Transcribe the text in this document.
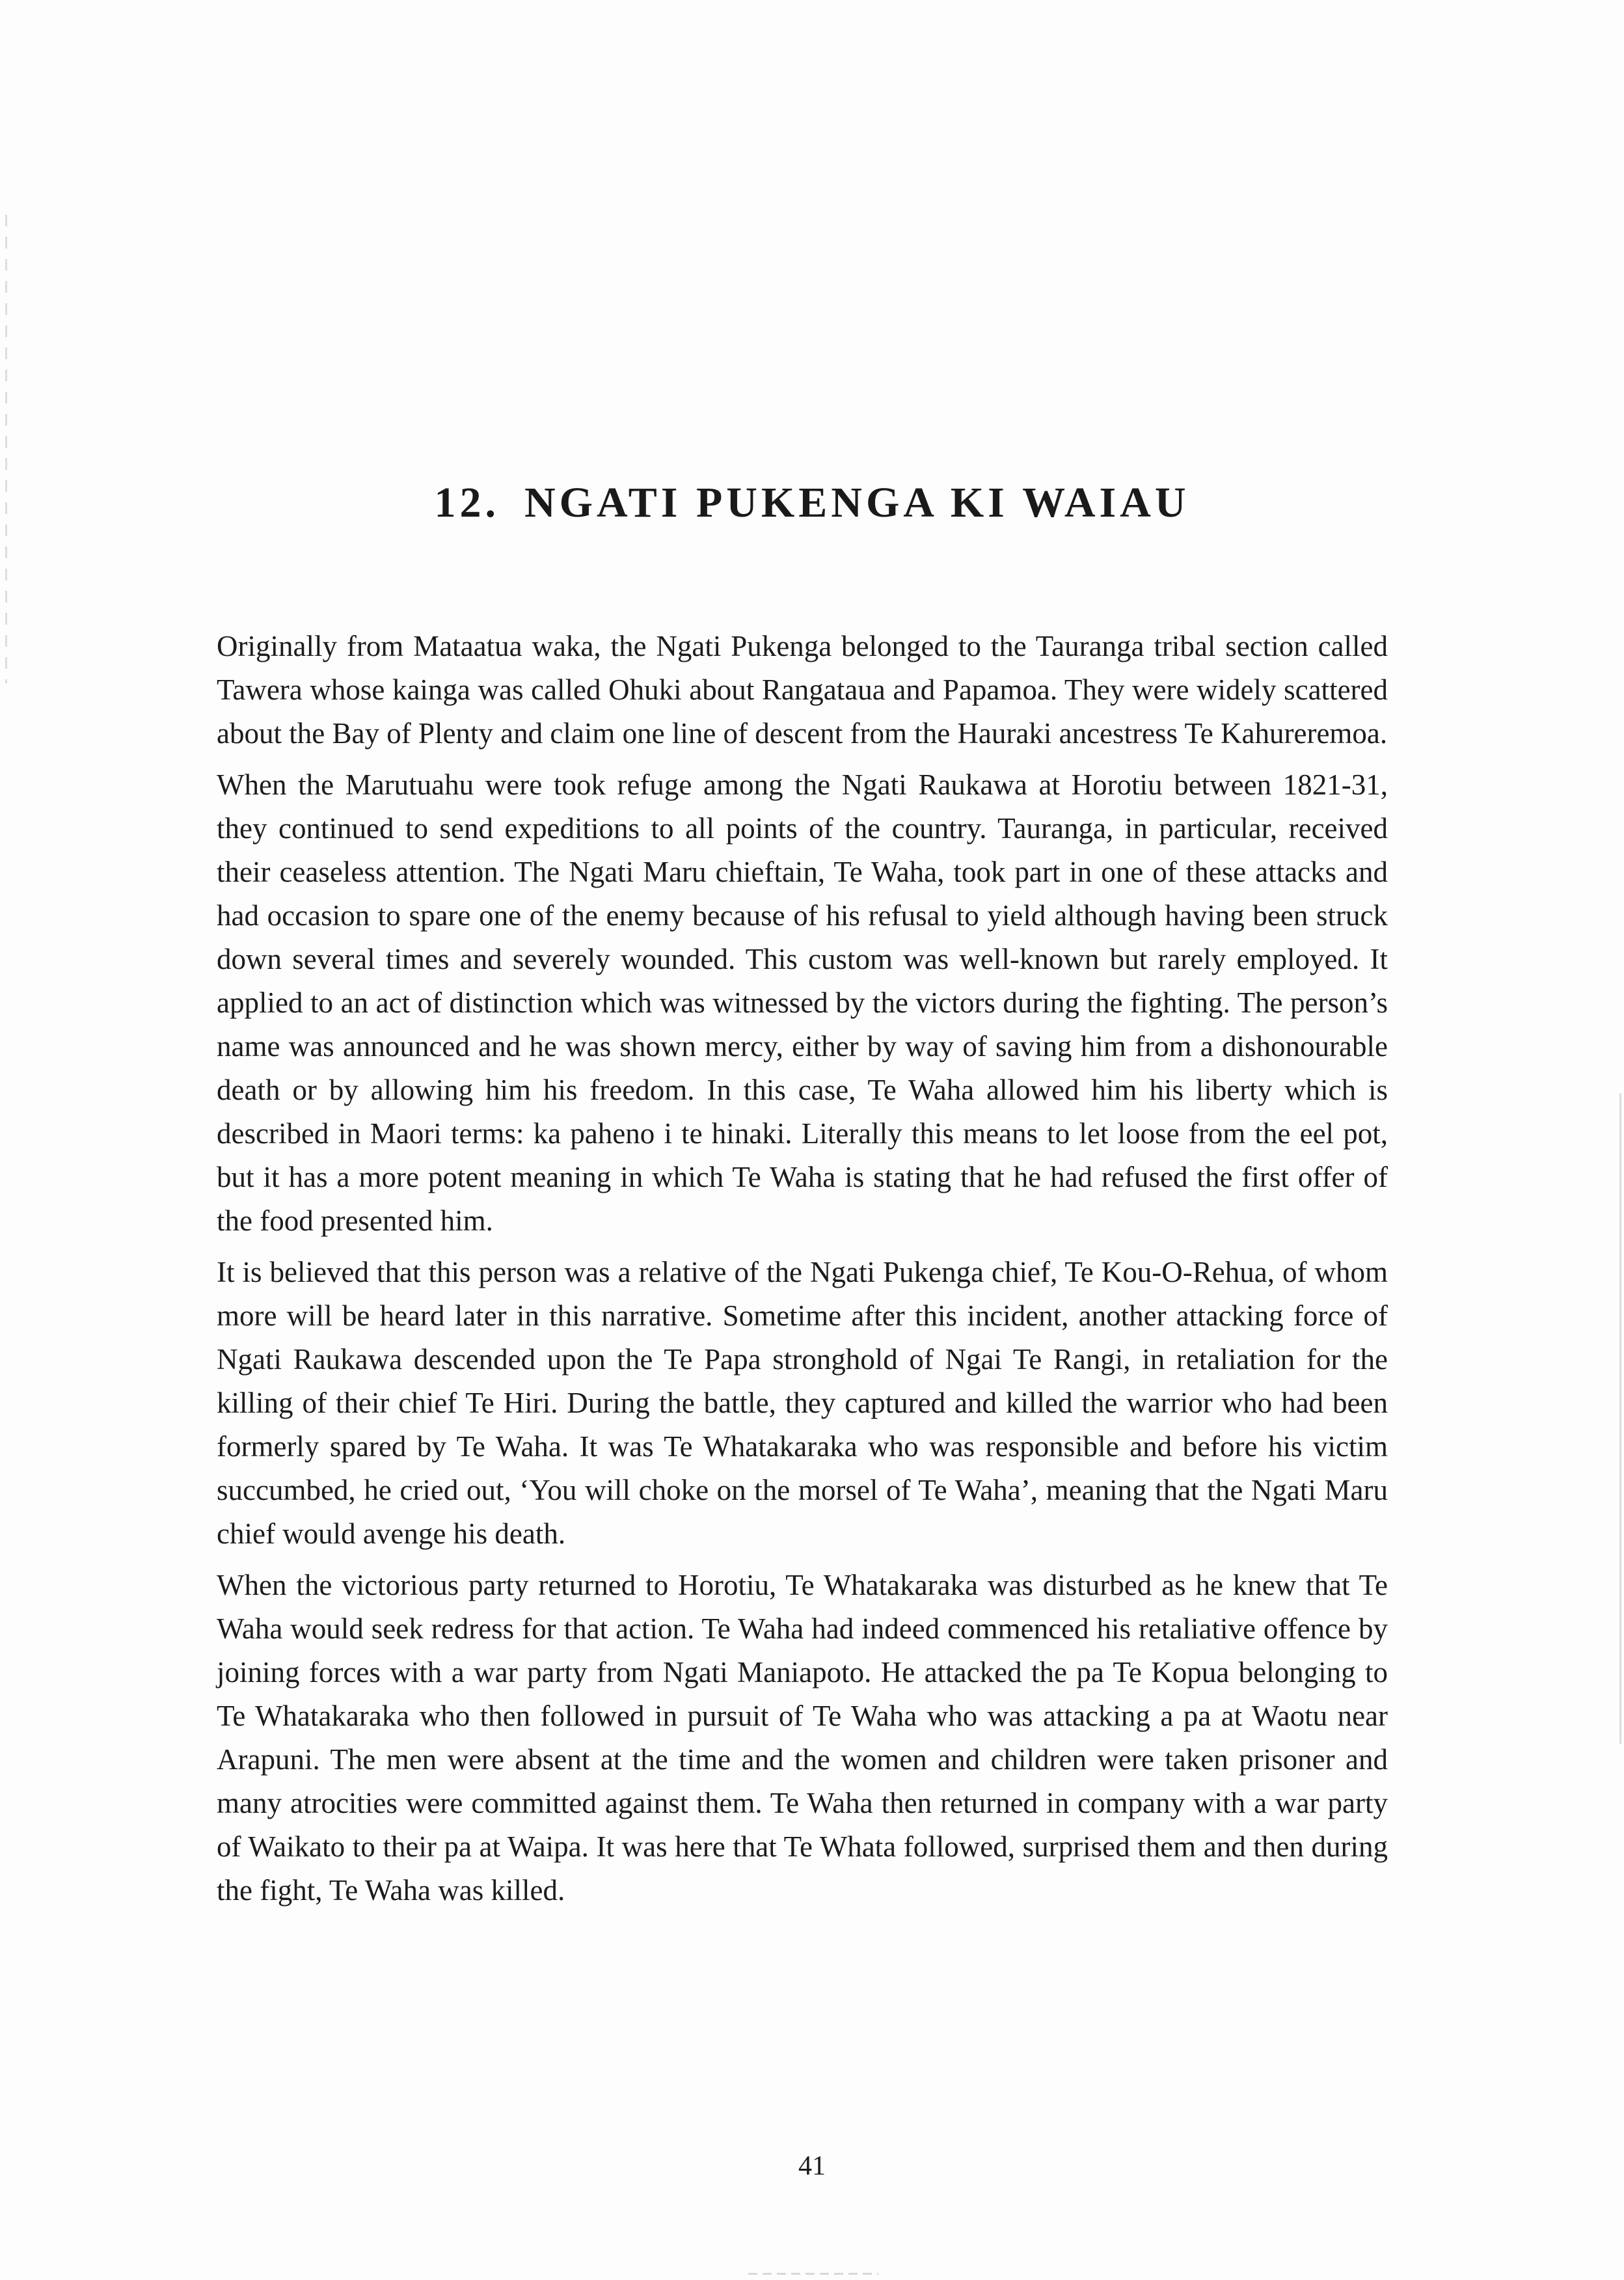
12. NGATI PUKENGA KI WAIAU

Originally from Mataatua waka, the Ngati Pukenga belonged to the Tauranga tribal section called Tawera whose kainga was called Ohuki about Rangataua and Papamoa. They were widely scattered about the Bay of Plenty and claim one line of descent from the Hauraki ancestress Te Kahureremoa.

When the Marutuahu were took refuge among the Ngati Raukawa at Horotiu between 1821-31, they continued to send expeditions to all points of the country. Tauranga, in particular, received their ceaseless attention. The Ngati Maru chieftain, Te Waha, took part in one of these attacks and had occasion to spare one of the enemy because of his refusal to yield although having been struck down several times and severely wounded. This custom was well-known but rarely employed. It applied to an act of distinction which was witnessed by the victors during the fighting. The person’s name was announced and he was shown mercy, either by way of saving him from a dishonourable death or by allowing him his freedom. In this case, Te Waha allowed him his liberty which is described in Maori terms: ka paheno i te hinaki. Literally this means to let loose from the eel pot, but it has a more potent meaning in which Te Waha is stating that he had refused the first offer of the food presented him.

It is believed that this person was a relative of the Ngati Pukenga chief, Te Kou-O-Rehua, of whom more will be heard later in this narrative. Sometime after this incident, another attacking force of Ngati Raukawa descended upon the Te Papa stronghold of Ngai Te Rangi, in retaliation for the killing of their chief Te Hiri. During the battle, they captured and killed the warrior who had been formerly spared by Te Waha. It was Te Whatakaraka who was responsible and before his victim succumbed, he cried out, ‘You will choke on the morsel of Te Waha’, meaning that the Ngati Maru chief would avenge his death.

When the victorious party returned to Horotiu, Te Whatakaraka was disturbed as he knew that Te Waha would seek redress for that action. Te Waha had indeed commenced his retaliative offence by joining forces with a war party from Ngati Maniapoto. He attacked the pa Te Kopua belonging to Te Whatakaraka who then followed in pursuit of Te Waha who was attacking a pa at Waotu near Arapuni. The men were absent at the time and the women and children were taken prisoner and many atrocities were committed against them. Te Waha then returned in company with a war party of Waikato to their pa at Waipa. It was here that Te Whata followed, surprised them and then during the fight, Te Waha was killed.

41
